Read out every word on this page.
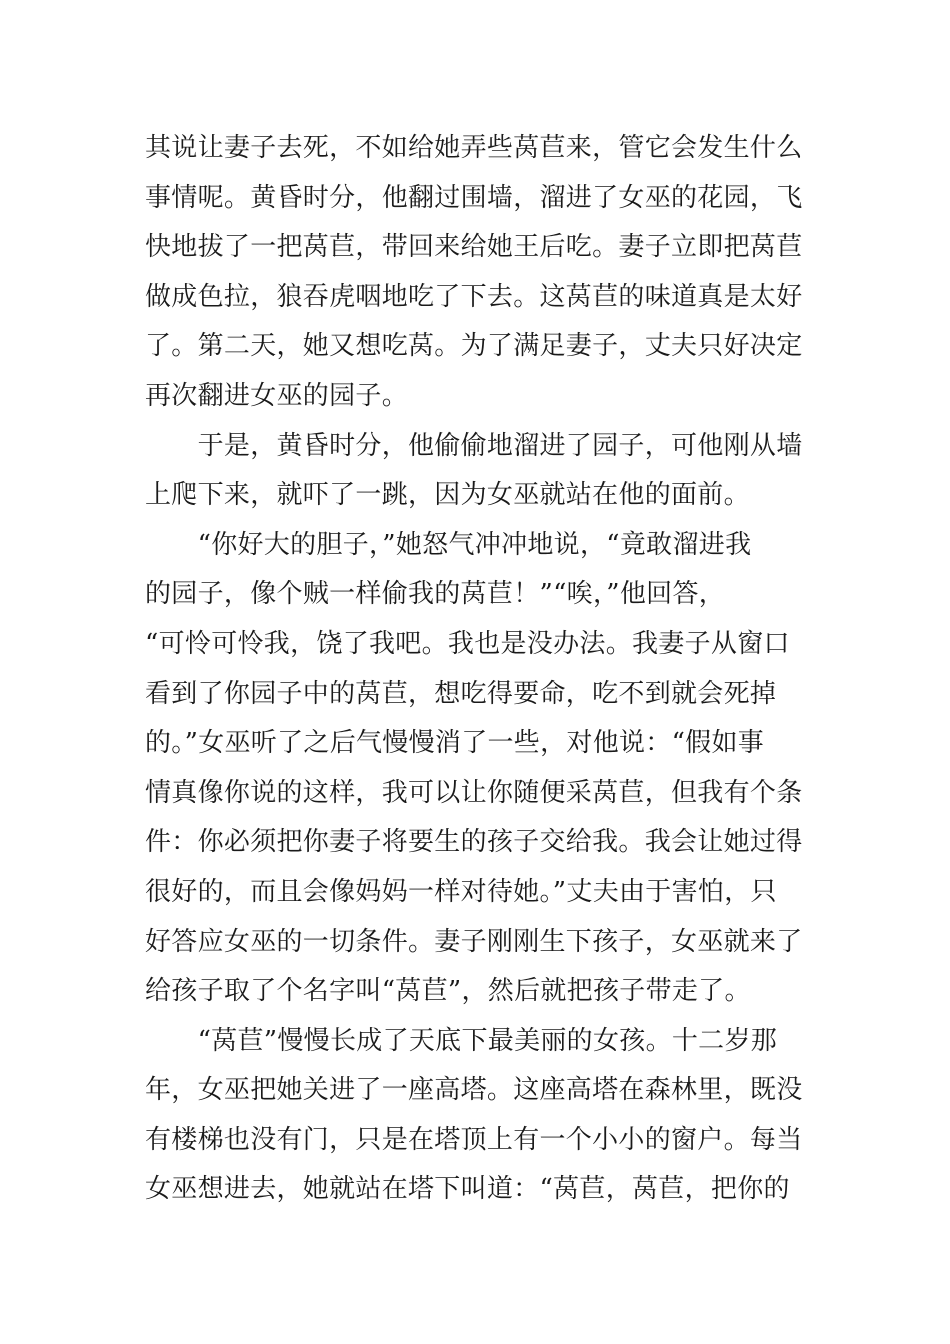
其说让妻子去死，不如给她弄些莴苣来，管它会发生什么
事情呢。黄昏时分，他翻过围墙，溜进了女巫的花园，飞
快地拔了一把莴苣，带回来给她王后吃。妻子立即把莴苣
做成色拉，狼吞虎咽地吃了下去。这莴苣的味道真是太好
了。第二天，她又想吃莴。为了满足妻子，丈夫只好决定
再次翻进女巫的园子。
　　于是，黄昏时分，他偷偷地溜进了园子，可他刚从墙
上爬下来，就吓了一跳，因为女巫就站在他的面前。
　　“你好大的胆子，”她怒气冲冲地说，“竟敢溜进我
的园子，像个贼一样偷我的莴苣！”“唉，”他回答，
“可怜可怜我，饶了我吧。我也是没办法。我妻子从窗口
看到了你园子中的莴苣，想吃得要命，吃不到就会死掉
的。”女巫听了之后气慢慢消了一些，对他说：“假如事
情真像你说的这样，我可以让你随便采莴苣，但我有个条
件：你必须把你妻子将要生的孩子交给我。我会让她过得
很好的，而且会像妈妈一样对待她。”丈夫由于害怕，只
好答应女巫的一切条件。妻子刚刚生下孩子，女巫就来了
给孩子取了个名字叫“莴苣”，然后就把孩子带走了。
　　“莴苣”慢慢长成了天底下最美丽的女孩。十二岁那
年，女巫把她关进了一座高塔。这座高塔在森林里，既没
有楼梯也没有门，只是在塔顶上有一个小小的窗户。每当
女巫想进去，她就站在塔下叫道：“莴苣，莴苣，把你的
